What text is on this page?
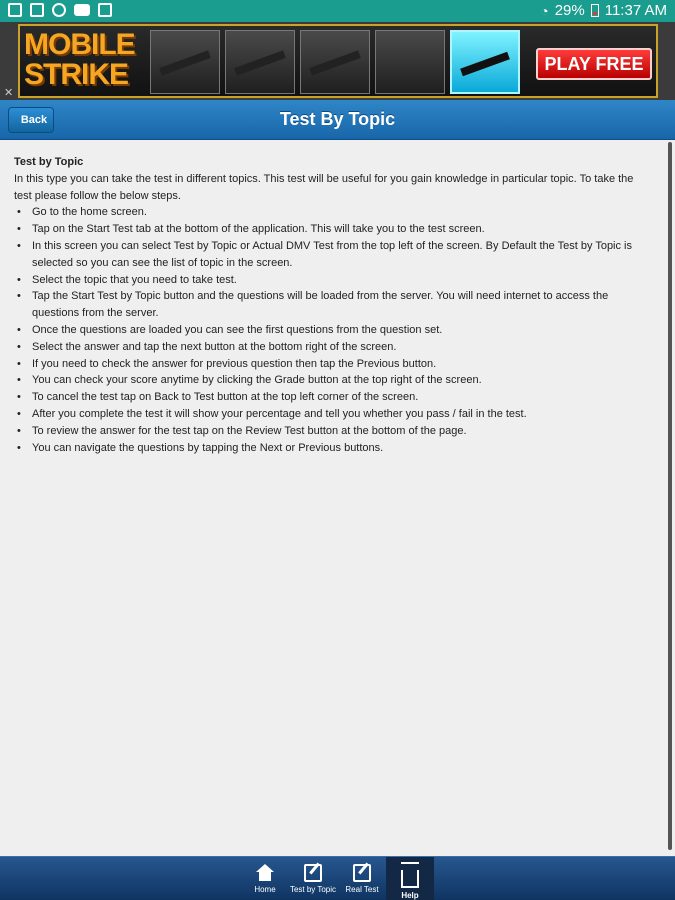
◔ 29% 11:37 AM
MOBILE
STRIKE	PLAY FREE
✕
Back	Test By Topic
Test by Topic

In this type you can take the test in different topics. This test will be useful for you gain knowledge in particular topic. To take the test please follow the below steps.

• Go to the home screen.
• Tap on the Start Test tab at the bottom of the application. This will take you to the test screen.
• In this screen you can select Test by Topic or Actual DMV Test from the top left of the screen. By Default the Test by Topic is selected so you can see the list of topic in the screen.
• Select the topic that you need to take test.
• Tap the Start Test by Topic button and the questions will be loaded from the server. You will need internet to access the questions from the server.
• Once the questions are loaded you can see the first questions from the question set.
• Select the answer and tap the next button at the bottom right of the screen.
• If you need to check the answer for previous question then tap the Previous button.
• You can check your score anytime by clicking the Grade button at the top right of the screen.
• To cancel the test tap on Back to Test button at the top left corner of the screen.
• After you complete the test it will show your percentage and tell you whether you pass / fail in the test.
• To review the answer for the test tap on the Review Test button at the bottom of the page.
• You can navigate the questions by tapping the Next or Previous buttons.
Home	Test by Topic	Real Test
Help
